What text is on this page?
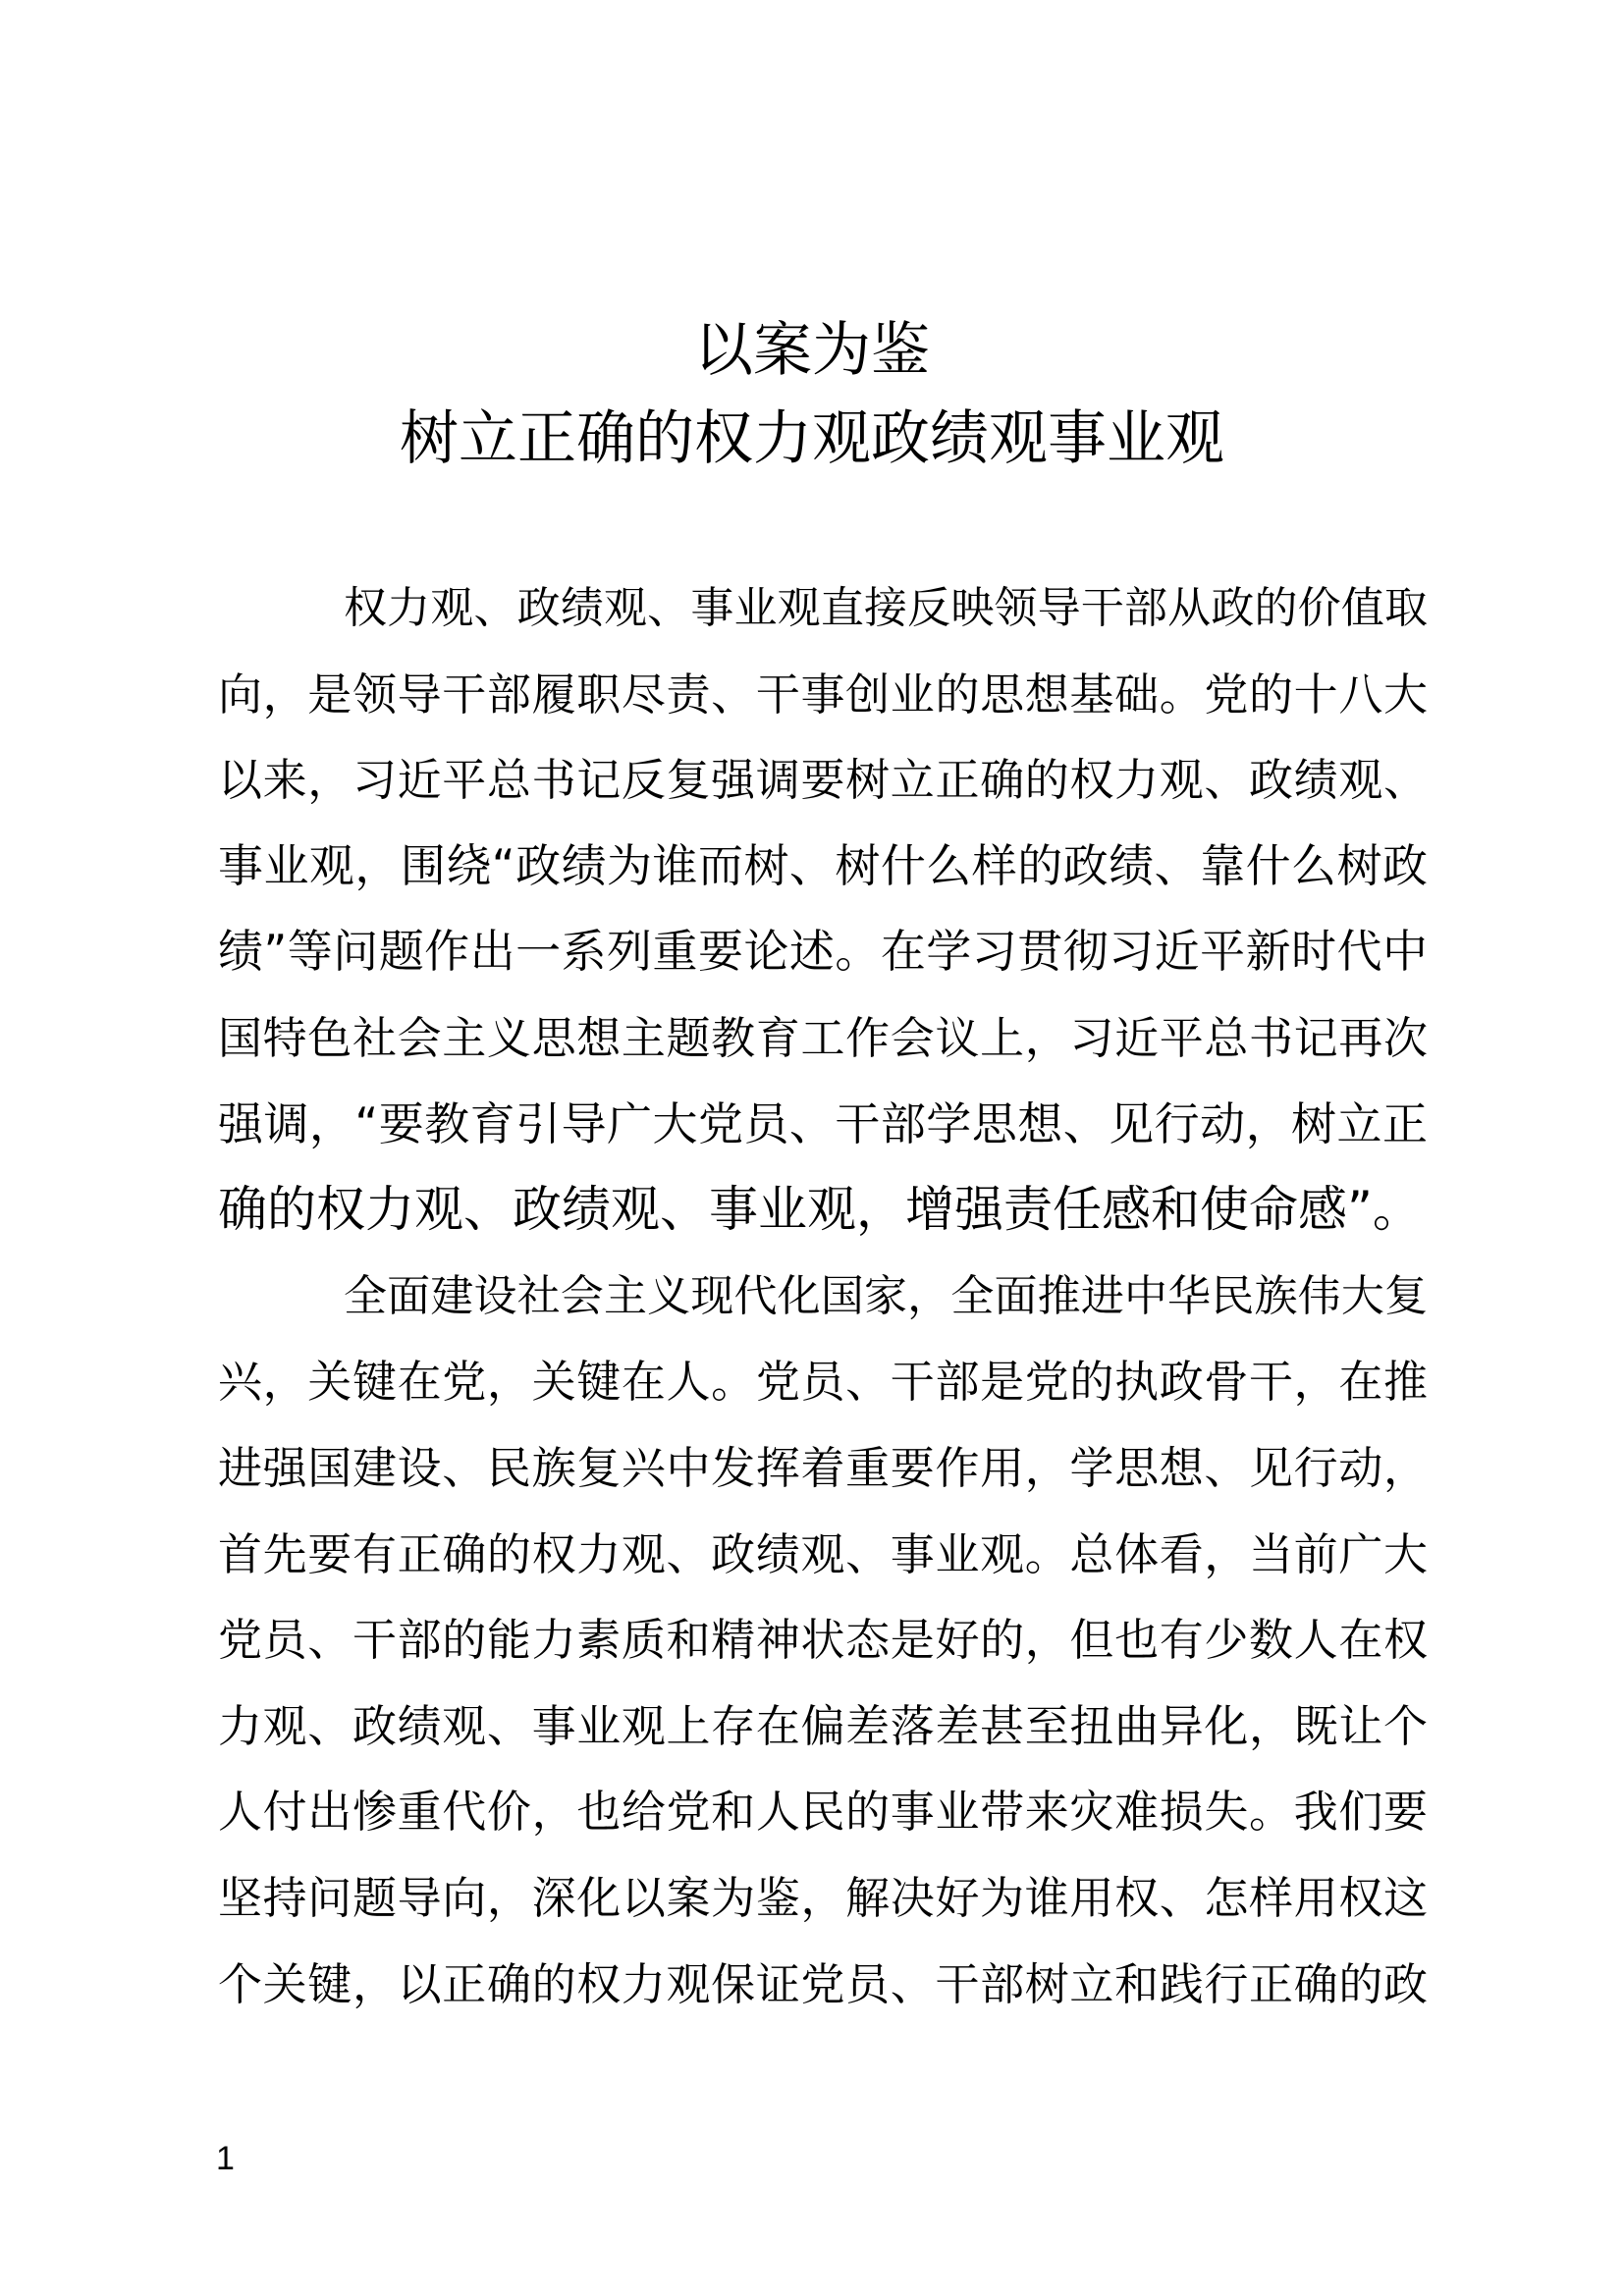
以案为鉴
树立正确的权力观政绩观事业观
权力观、政绩观、事业观直接反映领导干部从政的价值取
向，是领导干部履职尽责、干事创业的思想基础。党的十八大
以来，习近平总书记反复强调要树立正确的权力观、政绩观、
事业观，围绕“政绩为谁而树、树什么样的政绩、靠什么树政
绩”等问题作出一系列重要论述。在学习贯彻习近平新时代中
国特色社会主义思想主题教育工作会议上，习近平总书记再次
强调，“要教育引导广大党员、干部学思想、见行动，树立正
确的权力观、政绩观、事业观，增强责任感和使命感”。
全面建设社会主义现代化国家，全面推进中华民族伟大复
兴，关键在党，关键在人。党员、干部是党的执政骨干，在推
进强国建设、民族复兴中发挥着重要作用，学思想、见行动，
首先要有正确的权力观、政绩观、事业观。总体看，当前广大
党员、干部的能力素质和精神状态是好的，但也有少数人在权
力观、政绩观、事业观上存在偏差落差甚至扭曲异化，既让个
人付出惨重代价，也给党和人民的事业带来灾难损失。我们要
坚持问题导向，深化以案为鉴，解决好为谁用权、怎样用权这
个关键，以正确的权力观保证党员、干部树立和践行正确的政
1
